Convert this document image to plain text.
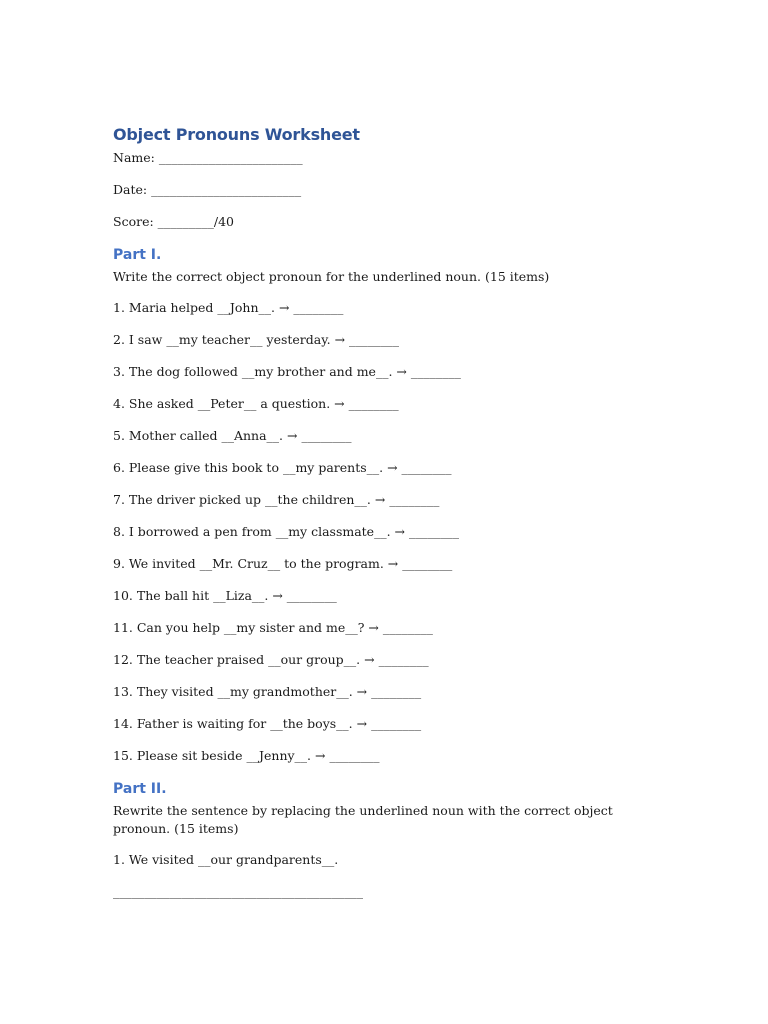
Object Pronouns Worksheet

Name: _______________________

Date: ________________________

Score: _________/40

Part I.

Write the correct object pronoun for the underlined noun. (15 items)

1. Maria helped __John__. → ________

2. I saw __my teacher__ yesterday. → ________

3. The dog followed __my brother and me__. → ________

4. She asked __Peter__ a question. → ________

5. Mother called __Anna__. → ________

6. Please give this book to __my parents__. → ________

7. The driver picked up __the children__. → ________

8. I borrowed a pen from __my classmate__. → ________

9. We invited __Mr. Cruz__ to the program. → ________

10. The ball hit __Liza__. → ________

11. Can you help __my sister and me__? → ________

12. The teacher praised __our group__. → ________

13. They visited __my grandmother__. → ________

14. Father is waiting for __the boys__. → ________

15. Please sit beside __Jenny__. → ________

Part II.

Rewrite the sentence by replacing the underlined noun with the correct object pronoun. (15 items)

1. We visited __our grandparents__.

________________________________________
